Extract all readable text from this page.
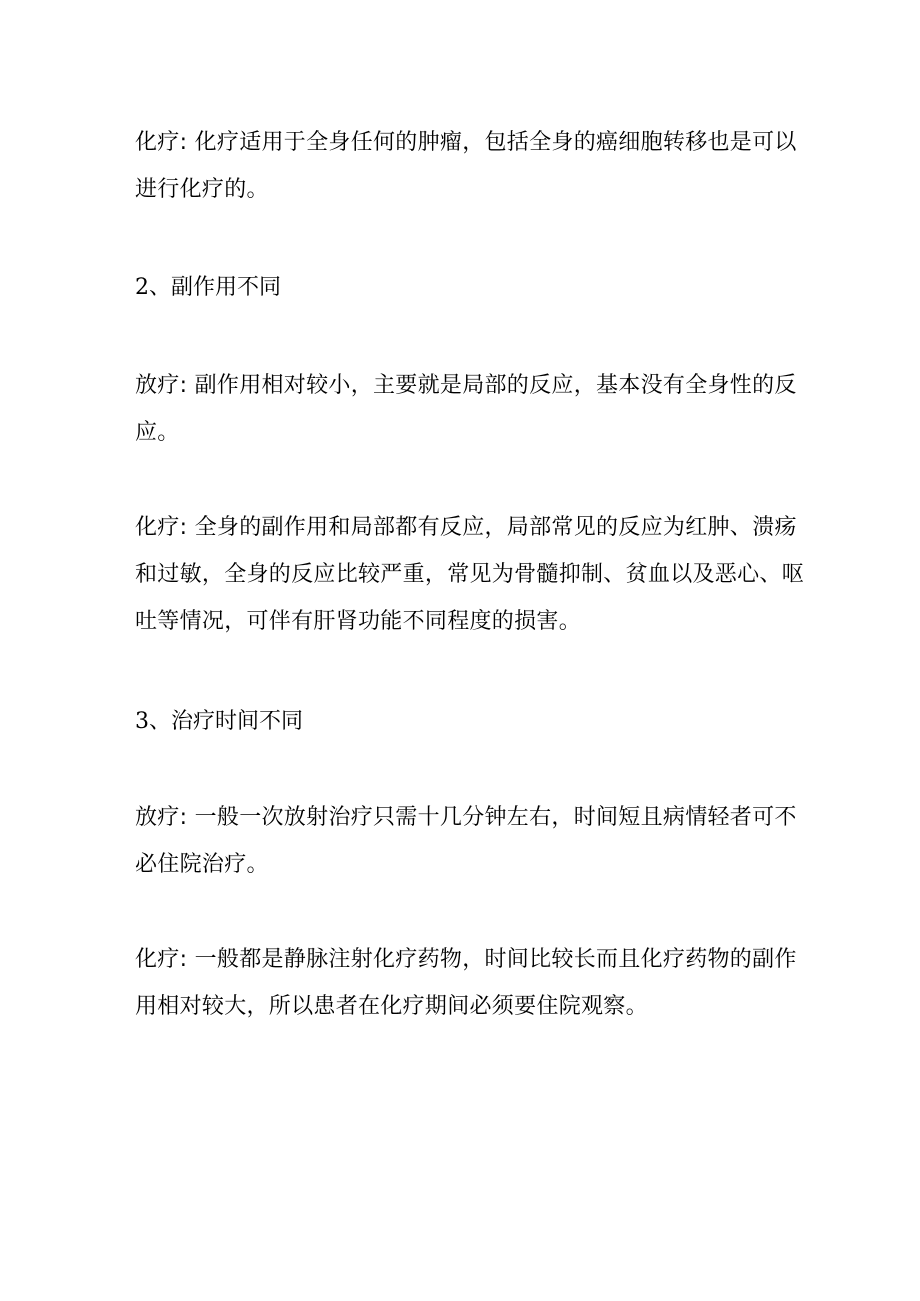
化疗: 化疗适用于全身任何的肿瘤，包括全身的癌细胞转移也是可以进行化疗的。

2、副作用不同

放疗: 副作用相对较小，主要就是局部的反应，基本没有全身性的反应。

化疗: 全身的副作用和局部都有反应，局部常见的反应为红肿、溃疡和过敏，全身的反应比较严重，常见为骨髓抑制、贫血以及恶心、呕吐等情况，可伴有肝肾功能不同程度的损害。

3、治疗时间不同

放疗: 一般一次放射治疗只需十几分钟左右，时间短且病情轻者可不必住院治疗。

化疗: 一般都是静脉注射化疗药物，时间比较长而且化疗药物的副作用相对较大，所以患者在化疗期间必须要住院观察。
